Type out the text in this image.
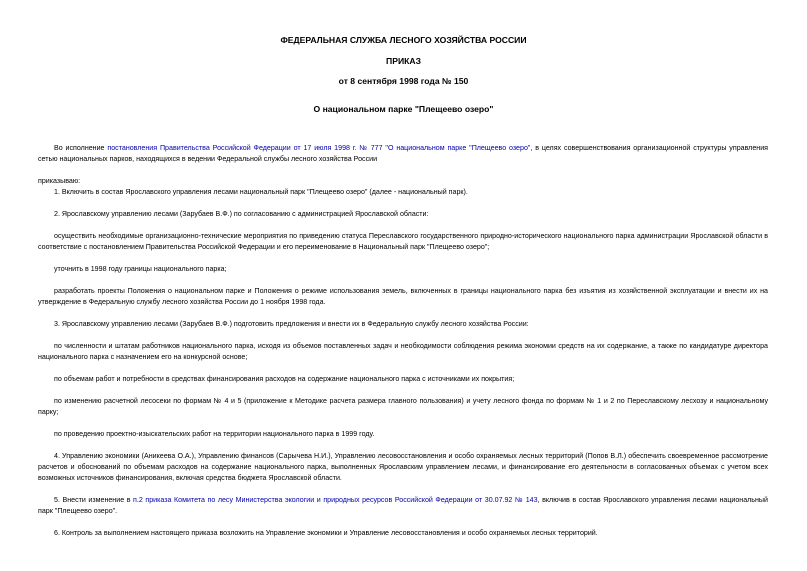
ФЕДЕРАЛЬНАЯ СЛУЖБА ЛЕСНОГО ХОЗЯЙСТВА РОССИИ
ПРИКАЗ
от 8 сентября 1998 года № 150
О национальном парке "Плещеево озеро"
Во исполнение постановления Правительства Российской Федерации от 17 июля 1998 г. № 777 "О национальном парке "Плещеево озеро", в целях совершенствования организационной структуры управления сетью национальных парков, находящихся в ведении Федеральной службы лесного хозяйства России
приказываю:
1. Включить в состав Ярославского управления лесами национальный парк "Плещеево озеро" (далее - национальный парк).
2. Ярославскому управлению лесами (Зарубаев В.Ф.) по согласованию с администрацией Ярославской области:
осуществить необходимые организационно-технические мероприятия по приведению статуса Переславского государственного природно-исторического национального парка администрации Ярославской области в соответствие с постановлением Правительства Российской Федерации и его переименование в Национальный парк "Плещеево озеро";
уточнить в 1998 году границы национального парка;
разработать проекты Положения о национальном парке и Положения о режиме использования земель, включенных в границы национального парка без изъятия из хозяйственной эксплуатации и внести их на утверждение в Федеральную службу лесного хозяйства России до 1 ноября 1998 года.
3. Ярославскому управлению лесами (Зарубаев В.Ф.) подготовить предложения и внести их в Федеральную службу лесного хозяйства России:
по численности и штатам работников национального парка, исходя из объемов поставленных задач и необходимости соблюдения режима экономии средств на их содержание, а также по кандидатуре директора национального парка с назначением его на конкурсной основе;
по объемам работ и потребности в средствах финансирования расходов на содержание национального парка с источниками их покрытия;
по изменению расчетной лесосеки по формам № 4 и 5 (приложение к Методике расчета размера главного пользования) и учету лесного фонда по формам № 1 и 2 по Переславскому лесхозу и национальному парку;
по проведению проектно-изыскательских работ на территории национального парка в 1999 году.
4. Управлению экономики (Аникеева О.А.), Управлению финансов (Сарычева Н.И.), Управлению лесовосстановления и особо охраняемых лесных территорий (Попов В.Л.) обеспечить своевременное рассмотрение расчетов и обоснований по объемам расходов на содержание национального парка, выполненных Ярославским управлением лесами, и финансирование его деятельности в согласованных объемах с учетом всех возможных источников финансирования, включая средства бюджета Ярославской области.
5. Внести изменение в п.2 приказа Комитета по лесу Министерства экологии и природных ресурсов Российской Федерации от 30.07.92 № 143, включив в состав Ярославского управления лесами национальный парк "Плещеево озеро".
6. Контроль за выполнением настоящего приказа возложить на Управление экономики и Управление лесовосстановления и особо охраняемых лесных территорий.
